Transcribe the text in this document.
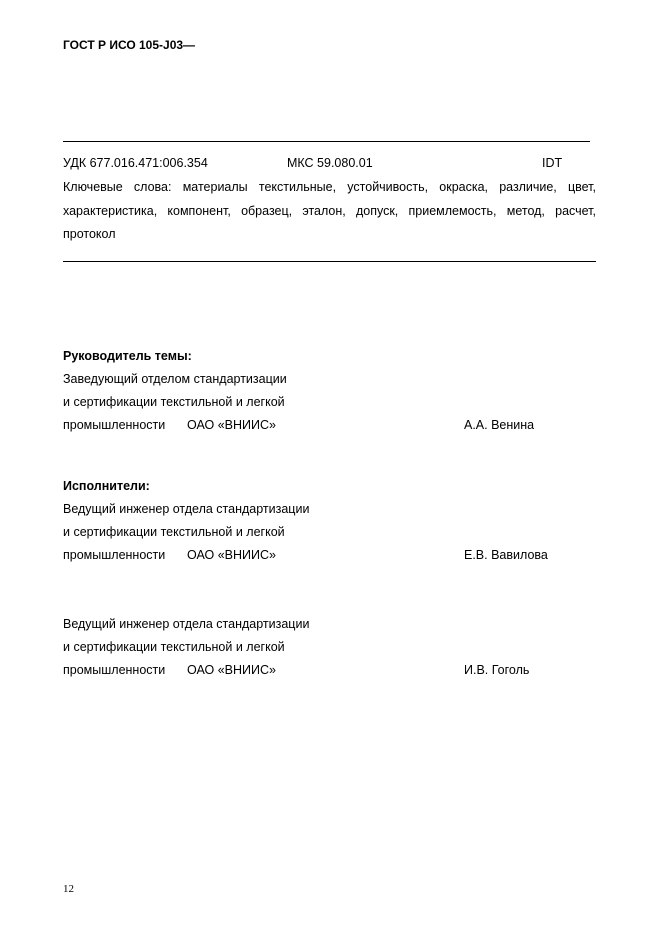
ГОСТ Р ИСО 105-J03—
УДК 677.016.471:006.354	МКС 59.080.01	IDT
Ключевые слова: материалы текстильные, устойчивость, окраска, различие, цвет,
характеристика, компонент, образец, эталон, допуск, приемлемость, метод, расчет,
протокол
Руководитель темы:
Заведующий отделом стандартизации
и сертификации текстильной и легкой
промышленности ОАО «ВНИИС»	А.А. Венина
Исполнители:
Ведущий инженер отдела стандартизации
и сертификации текстильной и легкой
промышленности ОАО «ВНИИС»	Е.В. Вавилова
Ведущий инженер отдела стандартизации
и сертификации текстильной и легкой
промышленности ОАО «ВНИИС»	И.В. Гоголь
12
